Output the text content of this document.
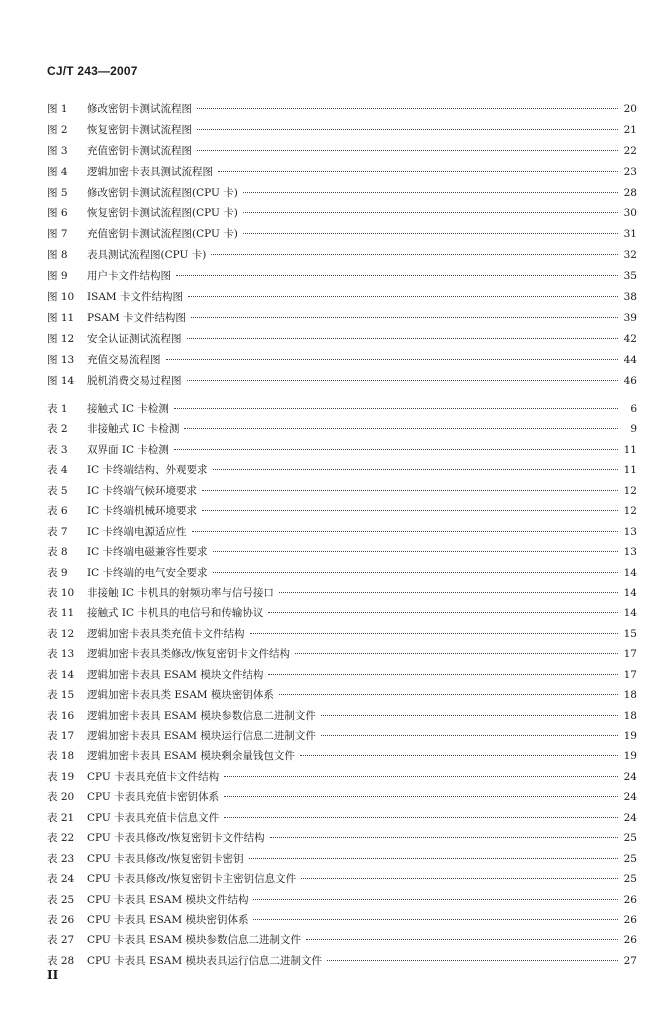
CJ/T 243—2007
图 1	修改密钥卡测试流程图	20
图 2	恢复密钥卡测试流程图	21
图 3	充值密钥卡测试流程图	22
图 4	逻辑加密卡表具测试流程图	23
图 5	修改密钥卡测试流程图(CPU 卡)	28
图 6	恢复密钥卡测试流程图(CPU 卡)	30
图 7	充值密钥卡测试流程图(CPU 卡)	31
图 8	表具测试流程图(CPU 卡)	32
图 9	用户卡文件结构图	35
图 10	ISAM 卡文件结构图	38
图 11	PSAM 卡文件结构图	39
图 12	安全认证测试流程图	42
图 13	充值交易流程图	44
图 14	脱机消费交易过程图	46
表 1	接触式 IC 卡检测	6
表 2	非接触式 IC 卡检测	9
表 3	双界面 IC 卡检测	11
表 4	IC 卡终端结构、外观要求	11
表 5	IC 卡终端气候环境要求	12
表 6	IC 卡终端机械环境要求	12
表 7	IC 卡终端电源适应性	13
表 8	IC 卡终端电磁兼容性要求	13
表 9	IC 卡终端的电气安全要求	14
表 10	非接触 IC 卡机具的射频功率与信号接口	14
表 11	接触式 IC 卡机具的电信号和传输协议	14
表 12	逻辑加密卡表具类充值卡文件结构	15
表 13	逻辑加密卡表具类修改/恢复密钥卡文件结构	17
表 14	逻辑加密卡表具 ESAM 模块文件结构	17
表 15	逻辑加密卡表具类 ESAM 模块密钥体系	18
表 16	逻辑加密卡表具 ESAM 模块参数信息二进制文件	18
表 17	逻辑加密卡表具 ESAM 模块运行信息二进制文件	19
表 18	逻辑加密卡表具 ESAM 模块剩余量钱包文件	19
表 19	CPU 卡表具充值卡文件结构	24
表 20	CPU 卡表具充值卡密钥体系	24
表 21	CPU 卡表具充值卡信息文件	24
表 22	CPU 卡表具修改/恢复密钥卡文件结构	25
表 23	CPU 卡表具修改/恢复密钥卡密钥	25
表 24	CPU 卡表具修改/恢复密钥卡主密钥信息文件	25
表 25	CPU 卡表具 ESAM 模块文件结构	26
表 26	CPU 卡表具 ESAM 模块密钥体系	26
表 27	CPU 卡表具 ESAM 模块参数信息二进制文件	26
表 28	CPU 卡表具 ESAM 模块表具运行信息二进制文件	27
II
